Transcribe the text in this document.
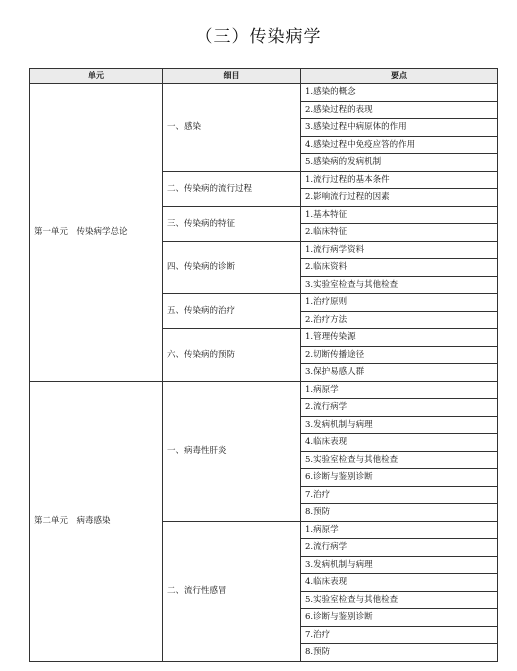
（三）传染病学
单元	细目	要点
第一单元　传染病学总论	一、感染	1.感染的概念
		2.感染过程的表现
		3.感染过程中病原体的作用
		4.感染过程中免疫应答的作用
		5.感染病的发病机制
	二、传染病的流行过程	1.流行过程的基本条件
		2.影响流行过程的因素
	三、传染病的特征	1.基本特征
		2.临床特征
	四、传染病的诊断	1.流行病学资料
		2.临床资料
		3.实验室检查与其他检查
	五、传染病的治疗	1.治疗原则
		2.治疗方法
	六、传染病的预防	1.管理传染源
		2.切断传播途径
		3.保护易感人群
第二单元　病毒感染	一、病毒性肝炎	1.病原学
		2.流行病学
		3.发病机制与病理
		4.临床表现
		5.实验室检查与其他检查
		6.诊断与鉴别诊断
		7.治疗
		8.预防
	二、流行性感冒	1.病原学
		2.流行病学
		3.发病机制与病理
		4.临床表现
		5.实验室检查与其他检查
		6.诊断与鉴别诊断
		7.治疗
		8.预防
